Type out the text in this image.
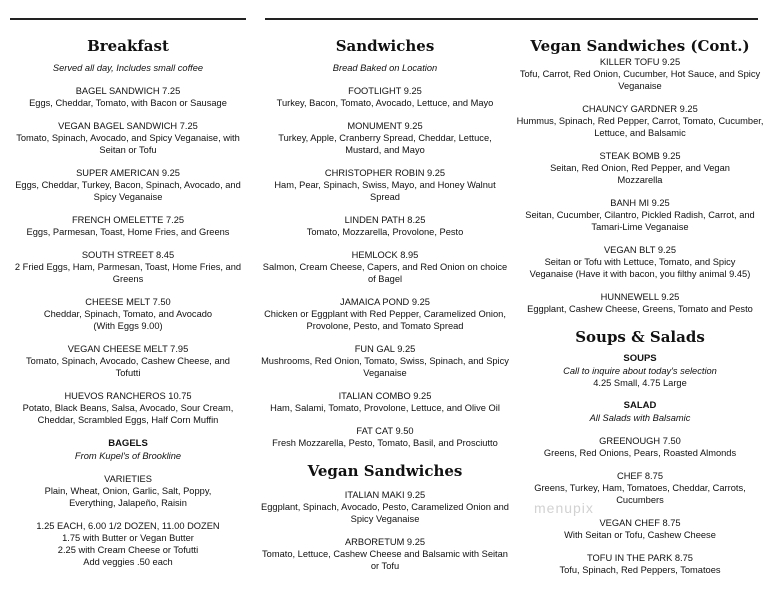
Breakfast
Served all day, Includes small coffee
BAGEL SANDWICH 7.25
Eggs, Cheddar, Tomato, with Bacon or Sausage
VEGAN BAGEL SANDWICH 7.25
Tomato, Spinach, Avocado, and Spicy Veganaise, with Seitan or Tofu
SUPER AMERICAN 9.25
Eggs, Cheddar, Turkey, Bacon, Spinach, Avocado, and Spicy Veganaise
FRENCH OMELETTE 7.25
Eggs, Parmesan, Toast, Home Fries, and Greens
SOUTH STREET 8.45
2 Fried Eggs, Ham, Parmesan, Toast, Home Fries, and Greens
CHEESE MELT 7.50
Cheddar, Spinach, Tomato, and Avocado (With Eggs 9.00)
VEGAN CHEESE MELT 7.95
Tomato, Spinach, Avocado, Cashew Cheese, and Tofutti
HUEVOS RANCHEROS 10.75
Potato, Black Beans, Salsa, Avocado, Sour Cream, Cheddar, Scrambled Eggs, Half Corn Muffin
BAGELS
From Kupel's of Brookline
VARIETIES
Plain, Wheat, Onion, Garlic, Salt, Poppy, Everything, Jalapeño, Raisin
1.25 EACH, 6.00 1/2 DOZEN, 11.00 DOZEN
1.75 with Butter or Vegan Butter
2.25 with Cream Cheese or Tofutti
Add veggies .50 each
Sandwiches
Bread Baked on Location
FOOTLIGHT 9.25
Turkey, Bacon, Tomato, Avocado, Lettuce, and Mayo
MONUMENT 9.25
Turkey, Apple, Cranberry Spread, Cheddar, Lettuce, Mustard, and Mayo
CHRISTOPHER ROBIN 9.25
Ham, Pear, Spinach, Swiss, Mayo, and Honey Walnut Spread
LINDEN PATH 8.25
Tomato, Mozzarella, Provolone, Pesto
HEMLOCK 8.95
Salmon, Cream Cheese, Capers, and Red Onion on choice of Bagel
JAMAICA POND 9.25
Chicken or Eggplant with Red Pepper, Caramelized Onion, Provolone, Pesto, and Tomato Spread
FUN GAL 9.25
Mushrooms, Red Onion, Tomato, Swiss, Spinach, and Spicy Veganaise
ITALIAN COMBO 9.25
Ham, Salami, Tomato, Provolone, Lettuce, and Olive Oil
FAT CAT 9.50
Fresh Mozzarella, Pesto, Tomato, Basil, and Prosciutto
Vegan Sandwiches
ITALIAN MAKI 9.25
Eggplant, Spinach, Avocado, Pesto, Caramelized Onion and Spicy Veganaise
ARBORETUM 9.25
Tomato, Lettuce, Cashew Cheese and Balsamic with Seitan or Tofu
Vegan Sandwiches (Cont.)
KILLER TOFU 9.25
Tofu, Carrot, Red Onion, Cucumber, Hot Sauce, and Spicy Veganaise
CHAUNCY GARDNER 9.25
Hummus, Spinach, Red Pepper, Carrot, Tomato, Cucumber, Lettuce, and Balsamic
STEAK BOMB 9.25
Seitan, Red Onion, Red Pepper, and Vegan Mozzarella
BANH MI 9.25
Seitan, Cucumber, Cilantro, Pickled Radish, Carrot, and Tamari-Lime Veganaise
VEGAN BLT 9.25
Seitan or Tofu with Lettuce, Tomato, and Spicy Veganaise (Have it with bacon, you filthy animal 9.45)
HUNNEWELL 9.25
Eggplant, Cashew Cheese, Greens, Tomato and Pesto
Soups & Salads
SOUPS
Call to inquire about today's selection
4.25 Small, 4.75 Large
SALAD
All Salads with Balsamic
GREENOUGH 7.50
Greens, Red Onions, Pears, Roasted Almonds
CHEF 8.75
Greens, Turkey, Ham, Tomatoes, Cheddar, Carrots, Cucumbers
VEGAN CHEF 8.75
With Seitan or Tofu, Cashew Cheese
TOFU IN THE PARK 8.75
Tofu, Spinach, Red Peppers, Tomatoes
menupix
